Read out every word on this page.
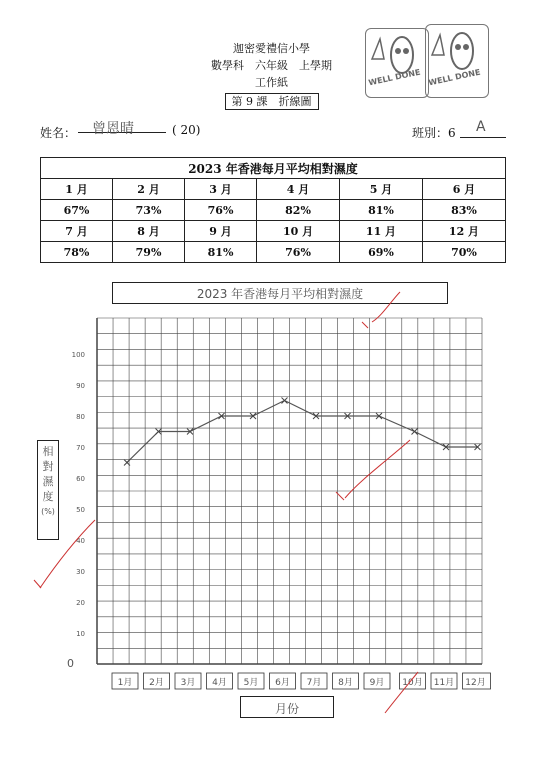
迦密愛禮信小學
數學科　六年級　上學期
工作紙
第 9 課　折線圖
WELL DONE WELL DONE
姓名： 曾恩晴	( 20)	班別：6 A
2023 年香港每月平均相對濕度					
1 月	2 月	3 月	4 月	5 月	6 月
67%	73%	76%	82%	81%	83%
7 月	8 月	9 月	10 月	11 月	12 月
78%	79%	81%	76%	69%	70%
2023 年香港每月平均相對濕度
相
對
濕
度
(%)
100
90
80
70
60
50
40
30
20
10
0
1月 2月 3月 4月 5月 6月 7月 8月 9月 10月 11月 12月
月份
